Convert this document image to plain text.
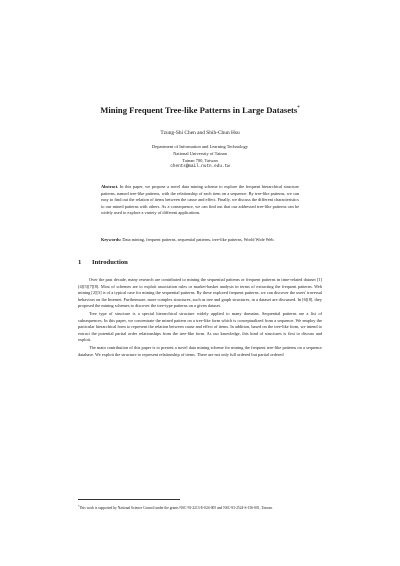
Mining Frequent Tree-like Patterns in Large Datasets*
Tzung-Shi Chen and Shih-Chun Hsu
Department of Information and Learning Technology
National University of Tainan
Tainan 700, Taiwan
chents@mail.nutn.edu.tw
Abstract. In this paper, we propose a novel data mining scheme to explore the frequent hierarchical structure patterns, named tree-like patterns, with the relationship of each item on a sequence. By tree-like patterns, we can easy to find out the relation of items between the cause and effect. Finally, we discuss the different characteristics to our mined patterns with others. As a consequence, we can find out that our addressed tree-like patterns can be widely used to explore a variety of different applications.
Keywords: Data mining, frequent patterns, sequential patterns, tree-like patterns, World Wide Web.
1 Introduction

Over the past decade, many research are contributed to mining the sequential patterns or frequent patterns in time-related dataset [1][4][5][7][8]. Most of schemes are to exploit association rules or market-basket analysis in terms of extracting the frequent patterns. Web mining [2][3] is of a typical case for mining the sequential patterns. By these explored frequent patterns, we can discover the users' traversal behaviors on the Internet. Furthermore, more complex structures, such as tree and graph structures, in a dataset are discussed. In [6][8], they proposed the mining schemes to discover the tree-type patterns on a given dataset.

Tree type of structure is a special hierarchical structure widely applied to many domains. Sequential patterns are a list of subsequences. In this paper, we concentrate the mined pattern on a tree-like form which is conceptualized from a sequence. We employ the particular hierarchical form to represent the relation between cause and effect of items. In addition, based on the tree-like form, we intend to extract the potential partial order relationships from the tree-like form. As our knowledge, this kind of structures is first to discuss and exploit.

The main contribution of this paper is to present a novel data mining scheme for mining the frequent tree-like patterns on a sequence database. We exploit the structure to represent relationship of items. There are not only full ordered but partial ordered

*This work is supported by National Science Council under the grants NSC-93-2213-E-024-005 and NSC-93-2524-S-156-001, Taiwan.
